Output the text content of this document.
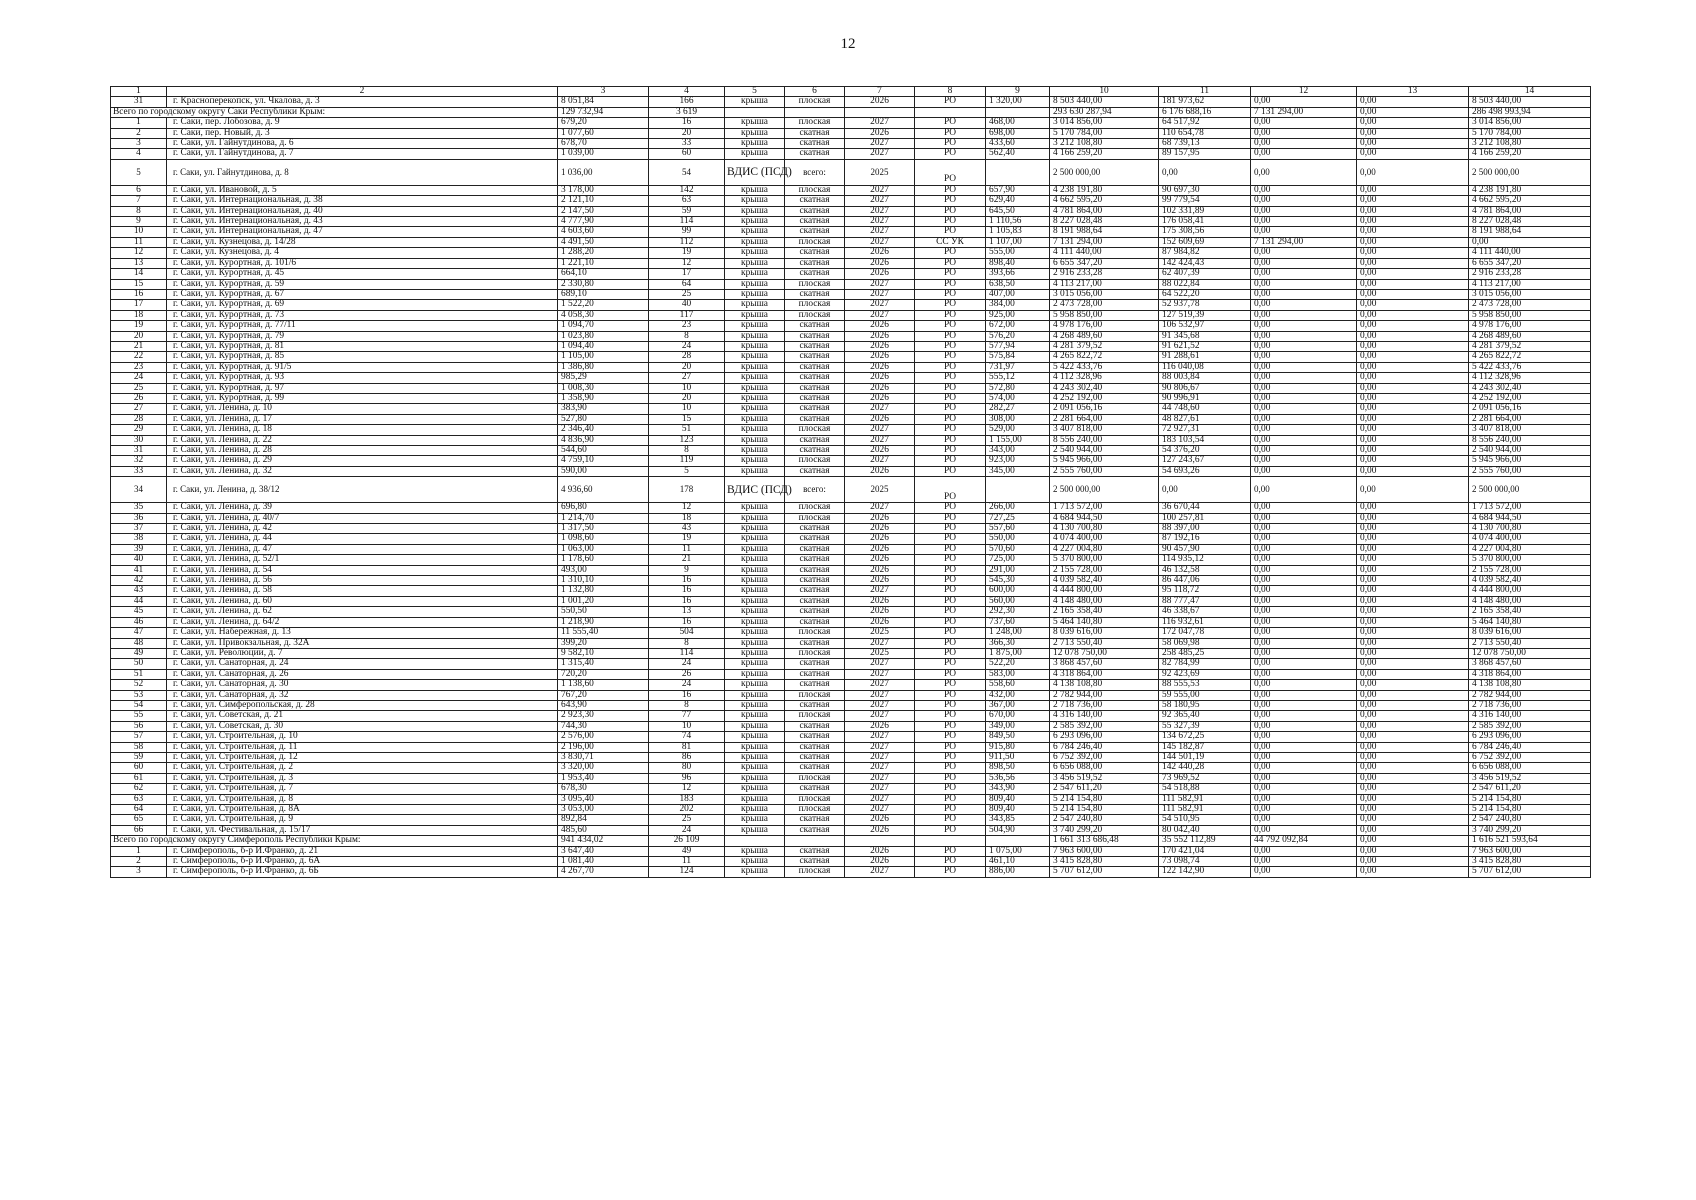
12
1	2	3	4	5	6	7	8	9	10	11	12	13	14
31	г. Красноперекопск, ул. Чкалова, д. 3	8 051,84	166	крыша	плоская	2026	РО	1 320,00	8 503 440,00	181 973,62	0,00	0,00	8 503 440,00
Всего по городскому округу Саки Республики Крым:		129 732,94	3 619						293 630 287,94	6 176 688,16	7 131 294,00	0,00	286 498 993,94
1	г. Саки, пер. Лобозова, д. 9	679,20	16	крыша	плоская	2027	РО	468,00	3 014 856,00	64 517,92	0,00	0,00	3 014 856,00
2	г. Саки, пер. Новый, д. 3	1 077,60	20	крыша	скатная	2026	РО	698,00	5 170 784,00	110 654,78	0,00	0,00	5 170 784,00
3	г. Саки, ул. Гайнутдинова, д. 6	678,70	33	крыша	скатная	2027	РО	433,60	3 212 108,80	68 739,13	0,00	0,00	3 212 108,80
4	г. Саки, ул. Гайнутдинова, д. 7	1 039,00	60	крыша	скатная	2027	РО	562,40	4 166 259,20	89 157,95	0,00	0,00	4 166 259,20
5	г. Саки, ул. Гайнутдинова, д. 8	1 036,00	54	ВДИС (ПСД)	всего:	2025	РО		2 500 000,00	0,00	0,00	0,00	2 500 000,00
6	г. Саки, ул. Ивановой, д. 5	3 178,00	142	крыша	плоская	2027	РО	657,90	4 238 191,80	90 697,30	0,00	0,00	4 238 191,80
7	г. Саки, ул. Интернациональная, д. 38	2 121,10	63	крыша	скатная	2027	РО	629,40	4 662 595,20	99 779,54	0,00	0,00	4 662 595,20
8	г. Саки, ул. Интернациональная, д. 40	2 147,50	59	крыша	скатная	2027	РО	645,50	4 781 864,00	102 331,89	0,00	0,00	4 781 864,00
9	г. Саки, ул. Интернациональная, д. 43	4 777,90	114	крыша	скатная	2027	РО	1 110,56	8 227 028,48	176 058,41	0,00	0,00	8 227 028,48
10	г. Саки, ул. Интернациональная, д. 47	4 603,60	99	крыша	скатная	2027	РО	1 105,83	8 191 988,64	175 308,56	0,00	0,00	8 191 988,64
11	г. Саки, ул. Кузнецова, д. 14/28	4 491,50	112	крыша	плоская	2027	СС УК	1 107,00	7 131 294,00	152 609,69	7 131 294,00	0,00	0,00
12	г. Саки, ул. Кузнецова, д. 4	1 288,20	19	крыша	скатная	2026	РО	555,00	4 111 440,00	87 984,82	0,00	0,00	4 111 440,00
13	г. Саки, ул. Курортная, д. 101/6	1 221,10	12	крыша	скатная	2026	РО	898,40	6 655 347,20	142 424,43	0,00	0,00	6 655 347,20
14	г. Саки, ул. Курортная, д. 45	664,10	17	крыша	скатная	2026	РО	393,66	2 916 233,28	62 407,39	0,00	0,00	2 916 233,28
15	г. Саки, ул. Курортная, д. 59	2 330,80	64	крыша	плоская	2027	РО	638,50	4 113 217,00	88 022,84	0,00	0,00	4 113 217,00
16	г. Саки, ул. Курортная, д. 67	689,10	25	крыша	скатная	2027	РО	407,00	3 015 056,00	64 522,20	0,00	0,00	3 015 056,00
17	г. Саки, ул. Курортная, д. 69	1 522,20	40	крыша	плоская	2027	РО	384,00	2 473 728,00	52 937,78	0,00	0,00	2 473 728,00
18	г. Саки, ул. Курортная, д. 73	4 058,30	117	крыша	плоская	2027	РО	925,00	5 958 850,00	127 519,39	0,00	0,00	5 958 850,00
19	г. Саки, ул. Курортная, д. 77/11	1 094,70	23	крыша	скатная	2026	РО	672,00	4 978 176,00	106 532,97	0,00	0,00	4 978 176,00
20	г. Саки, ул. Курортная, д. 79	1 023,80	8	крыша	скатная	2026	РО	576,20	4 268 489,60	91 345,68	0,00	0,00	4 268 489,60
21	г. Саки, ул. Курортная, д. 81	1 094,40	24	крыша	скатная	2026	РО	577,94	4 281 379,52	91 621,52	0,00	0,00	4 281 379,52
22	г. Саки, ул. Курортная, д. 85	1 105,00	28	крыша	скатная	2026	РО	575,84	4 265 822,72	91 288,61	0,00	0,00	4 265 822,72
23	г. Саки, ул. Курортная, д. 91/5	1 386,80	20	крыша	скатная	2026	РО	731,97	5 422 433,76	116 040,08	0,00	0,00	5 422 433,76
24	г. Саки, ул. Курортная, д. 93	985,29	27	крыша	скатная	2026	РО	555,12	4 112 328,96	88 003,84	0,00	0,00	4 112 328,96
25	г. Саки, ул. Курортная, д. 97	1 008,30	10	крыша	скатная	2026	РО	572,80	4 243 302,40	90 806,67	0,00	0,00	4 243 302,40
26	г. Саки, ул. Курортная, д. 99	1 358,90	20	крыша	скатная	2026	РО	574,00	4 252 192,00	90 996,91	0,00	0,00	4 252 192,00
27	г. Саки, ул. Ленина, д. 10	383,90	10	крыша	скатная	2027	РО	282,27	2 091 056,16	44 748,60	0,00	0,00	2 091 056,16
28	г. Саки, ул. Ленина, д. 17	527,80	15	крыша	скатная	2026	РО	308,00	2 281 664,00	48 827,61	0,00	0,00	2 281 664,00
29	г. Саки, ул. Ленина, д. 18	2 346,40	51	крыша	плоская	2027	РО	529,00	3 407 818,00	72 927,31	0,00	0,00	3 407 818,00
30	г. Саки, ул. Ленина, д. 22	4 836,90	123	крыша	скатная	2027	РО	1 155,00	8 556 240,00	183 103,54	0,00	0,00	8 556 240,00
31	г. Саки, ул. Ленина, д. 28	544,60	8	крыша	скатная	2026	РО	343,00	2 540 944,00	54 376,20	0,00	0,00	2 540 944,00
32	г. Саки, ул. Ленина, д. 29	4 759,10	119	крыша	плоская	2027	РО	923,00	5 945 966,00	127 243,67	0,00	0,00	5 945 966,00
33	г. Саки, ул. Ленина, д. 32	590,00	5	крыша	скатная	2026	РО	345,00	2 555 760,00	54 693,26	0,00	0,00	2 555 760,00
34	г. Саки, ул. Ленина, д. 38/12	4 936,60	178	ВДИС (ПСД)	всего:	2025	РО		2 500 000,00	0,00	0,00	0,00	2 500 000,00
35	г. Саки, ул. Ленина, д. 39	696,80	12	крыша	плоская	2027	РО	266,00	1 713 572,00	36 670,44	0,00	0,00	1 713 572,00
36	г. Саки, ул. Ленина, д. 40/7	1 214,70	18	крыша	плоская	2026	РО	727,25	4 684 944,50	100 257,81	0,00	0,00	4 684 944,50
37	г. Саки, ул. Ленина, д. 42	1 317,50	43	крыша	скатная	2026	РО	557,60	4 130 700,80	88 397,00	0,00	0,00	4 130 700,80
38	г. Саки, ул. Ленина, д. 44	1 098,60	19	крыша	скатная	2026	РО	550,00	4 074 400,00	87 192,16	0,00	0,00	4 074 400,00
39	г. Саки, ул. Ленина, д. 47	1 063,00	11	крыша	скатная	2026	РО	570,60	4 227 004,80	90 457,90	0,00	0,00	4 227 004,80
40	г. Саки, ул. Ленина, д. 52/1	1 178,60	21	крыша	скатная	2026	РО	725,00	5 370 800,00	114 935,12	0,00	0,00	5 370 800,00
41	г. Саки, ул. Ленина, д. 54	493,00	9	крыша	скатная	2026	РО	291,00	2 155 728,00	46 132,58	0,00	0,00	2 155 728,00
42	г. Саки, ул. Ленина, д. 56	1 310,10	16	крыша	скатная	2026	РО	545,30	4 039 582,40	86 447,06	0,00	0,00	4 039 582,40
43	г. Саки, ул. Ленина, д. 58	1 132,80	16	крыша	скатная	2027	РО	600,00	4 444 800,00	95 118,72	0,00	0,00	4 444 800,00
44	г. Саки, ул. Ленина, д. 60	1 001,20	16	крыша	скатная	2026	РО	560,00	4 148 480,00	88 777,47	0,00	0,00	4 148 480,00
45	г. Саки, ул. Ленина, д. 62	550,50	13	крыша	скатная	2026	РО	292,30	2 165 358,40	46 338,67	0,00	0,00	2 165 358,40
46	г. Саки, ул. Ленина, д. 64/2	1 218,90	16	крыша	скатная	2026	РО	737,60	5 464 140,80	116 932,61	0,00	0,00	5 464 140,80
47	г. Саки, ул. Набережная, д. 13	11 555,40	504	крыша	плоская	2025	РО	1 248,00	8 039 616,00	172 047,78	0,00	0,00	8 039 616,00
48	г. Саки, ул. Привокзальная, д. 32А	399,20	8	крыша	скатная	2027	РО	366,30	2 713 550,40	58 069,98	0,00	0,00	2 713 550,40
49	г. Саки, ул. Революции, д. 7	9 582,10	114	крыша	плоская	2025	РО	1 875,00	12 078 750,00	258 485,25	0,00	0,00	12 078 750,00
50	г. Саки, ул. Санаторная, д. 24	1 315,40	24	крыша	скатная	2027	РО	522,20	3 868 457,60	82 784,99	0,00	0,00	3 868 457,60
51	г. Саки, ул. Санаторная, д. 26	720,20	26	крыша	скатная	2027	РО	583,00	4 318 864,00	92 423,69	0,00	0,00	4 318 864,00
52	г. Саки, ул. Санаторная, д. 30	1 138,60	24	крыша	скатная	2027	РО	558,60	4 138 108,80	88 555,53	0,00	0,00	4 138 108,80
53	г. Саки, ул. Санаторная, д. 32	767,20	16	крыша	плоская	2027	РО	432,00	2 782 944,00	59 555,00	0,00	0,00	2 782 944,00
54	г. Саки, ул. Симферопольская, д. 28	643,90	8	крыша	скатная	2027	РО	367,00	2 718 736,00	58 180,95	0,00	0,00	2 718 736,00
55	г. Саки, ул. Советская, д. 21	2 923,30	77	крыша	плоская	2027	РО	670,00	4 316 140,00	92 365,40	0,00	0,00	4 316 140,00
56	г. Саки, ул. Советская, д. 30	744,30	10	крыша	скатная	2026	РО	349,00	2 585 392,00	55 327,39	0,00	0,00	2 585 392,00
57	г. Саки, ул. Строительная, д. 10	2 576,00	74	крыша	скатная	2027	РО	849,50	6 293 096,00	134 672,25	0,00	0,00	6 293 096,00
58	г. Саки, ул. Строительная, д. 11	2 196,00	81	крыша	скатная	2027	РО	915,80	6 784 246,40	145 182,87	0,00	0,00	6 784 246,40
59	г. Саки, ул. Строительная, д. 12	3 830,71	86	крыша	скатная	2027	РО	911,50	6 752 392,00	144 501,19	0,00	0,00	6 752 392,00
60	г. Саки, ул. Строительная, д. 2	3 320,00	80	крыша	скатная	2027	РО	898,50	6 656 088,00	142 440,28	0,00	0,00	6 656 088,00
61	г. Саки, ул. Строительная, д. 3	1 953,40	96	крыша	плоская	2027	РО	536,56	3 456 519,52	73 969,52	0,00	0,00	3 456 519,52
62	г. Саки, ул. Строительная, д. 7	678,30	12	крыша	скатная	2027	РО	343,90	2 547 611,20	54 518,88	0,00	0,00	2 547 611,20
63	г. Саки, ул. Строительная, д. 8	3 095,40	183	крыша	плоская	2027	РО	809,40	5 214 154,80	111 582,91	0,00	0,00	5 214 154,80
64	г. Саки, ул. Строительная, д. 8А	3 053,00	202	крыша	плоская	2027	РО	809,40	5 214 154,80	111 582,91	0,00	0,00	5 214 154,80
65	г. Саки, ул. Строительная, д. 9	892,84	25	крыша	скатная	2026	РО	343,85	2 547 240,80	54 510,95	0,00	0,00	2 547 240,80
66	г. Саки, ул. Фестивальная, д. 15/17	485,60	24	крыша	скатная	2026	РО	504,90	3 740 299,20	80 042,40	0,00	0,00	3 740 299,20
Всего по городскому округу Симферополь Республики Крым:		941 434,02	26 109						1 661 313 686,48	35 552 112,89	44 792 092,84	0,00	1 616 521 593,64
1	г. Симферополь, б-р И.Франко, д. 21	3 647,40	49	крыша	скатная	2026	РО	1 075,00	7 963 600,00	170 421,04	0,00	0,00	7 963 600,00
2	г. Симферополь, б-р И.Франко, д. 6А	1 081,40	11	крыша	скатная	2026	РО	461,10	3 415 828,80	73 098,74	0,00	0,00	3 415 828,80
3	г. Симферополь, б-р И.Франко, д. 6Б	4 267,70	124	крыша	плоская	2027	РО	886,00	5 707 612,00	122 142,90	0,00	0,00	5 707 612,00
